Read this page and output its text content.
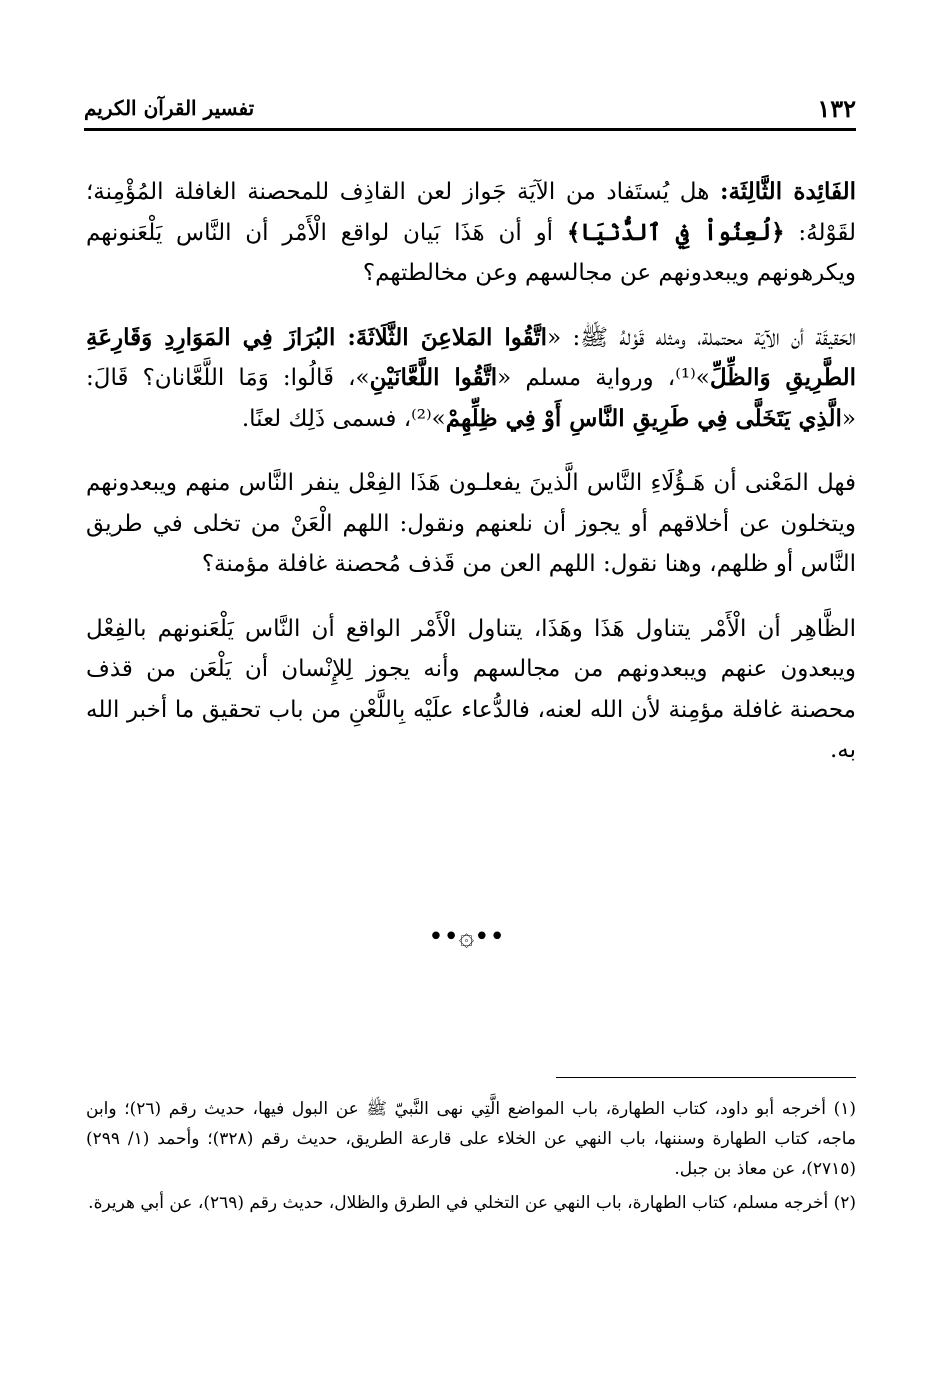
١٣٢
تفسير القرآن الكريم

الفَائِدة الثَّالِثَة: هل يُستَفاد من الآيَة جَواز لعن القاذِف للمحصنة الغافلة المُؤْمِنة؛ لقَوْلهُ: ﴿لُعِنُواْ فِي ٱلدُّنْيَا﴾ أو أن هَذَا بَيان لواقع الْأَمْر أن النَّاس يَلْعَنونهم ويكرهونهم ويبعدونهم عن مجالسهم وعن مخالطتهم؟

الحَقيقَة أن الآيَة محتملة، ومثله قَوْلهُ ﷺ: «اتَّقُوا المَلاعِنَ الثَّلَاثَةَ: البُرَازَ فِي المَوَارِدِ وَقَارِعَةِ الطَّرِيقِ وَالظِّلِّ»⁽¹⁾، ورواية مسلم «اتَّقُوا اللَّعَّانَيْنِ»، قَالُوا: وَمَا اللَّعَّانان؟ قَالَ: «الَّذِي يَتَخَلَّى فِي طَرِيقِ النَّاسِ أَوْ فِي ظِلِّهِمْ»⁽²⁾، فسمى ذَلِك لعنًا.

فهل المَعْنى أن هَـؤُلَاءِ النَّاس الَّذينَ يفعلـون هَذَا الفِعْل ينفر النَّاس منهم ويبعدونهم ويتخلون عن أخلاقهم أو يجوز أن نلعنهم ونقول: اللهم الْعَنْ من تخلى في طريق النَّاس أو ظلهم، وهنا نقول: اللهم العن من قَذف مُحصنة غافلة مؤمنة؟

الظَّاهِر أن الْأَمْر يتناول هَذَا وهَذَا، يتناول الْأَمْر الواقع أن النَّاس يَلْعَنونهم بالفِعْل ويبعدون عنهم ويبعدونهم من مجالسهم وأنه يجوز لِلإِنْسان أن يَلْعَن من قذف محصنة غافلة مؤمِنة لأن الله لعنه، فالدُّعاء علَيْه بِاللَّعْنِ من باب تحقيق ما أخبر الله به.

••۞••

(١) أخرجه أبو داود، كتاب الطهارة، باب المواضع الَّتِي نهى النَّبيّ ﷺ عن البول فيها، حديث رقم (٢٦)؛ وابن ماجه، كتاب الطهارة وسننها، باب النهي عن الخلاء على قارعة الطريق، حديث رقم (٣٢٨)؛ وأحمد (١/ ٢٩٩) (٢٧١٥)، عن معاذ بن جبل.

(٢) أخرجه مسلم، كتاب الطهارة، باب النهي عن التخلي في الطرق والظلال، حديث رقم (٢٦٩)، عن أبي هريرة.
